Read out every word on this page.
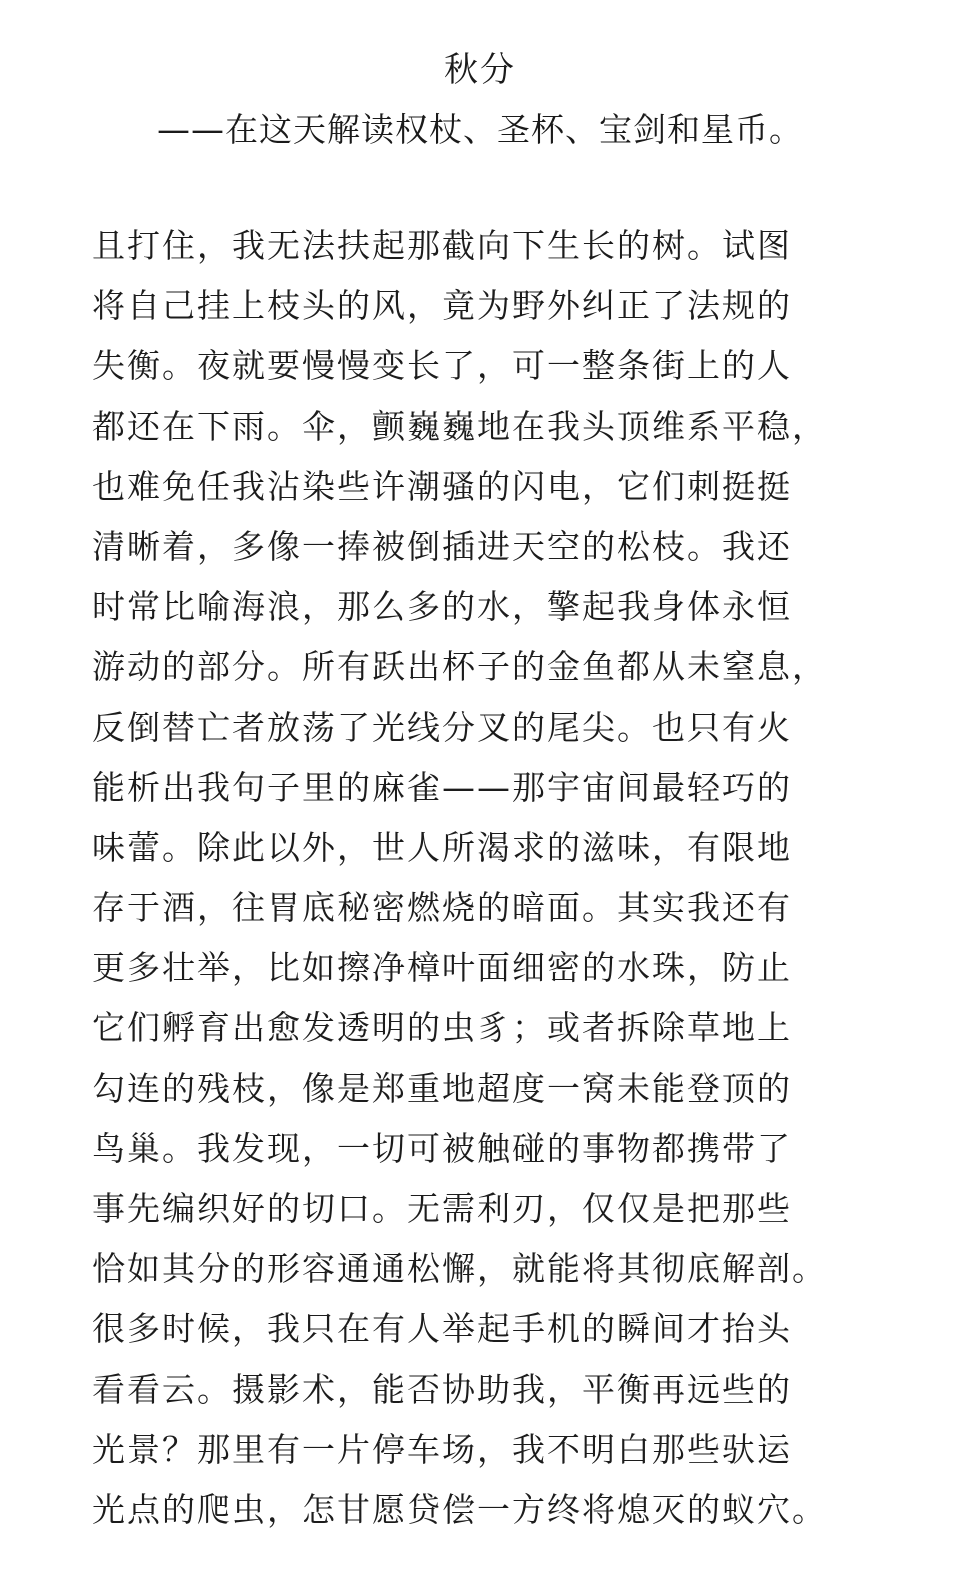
秋分
——在这天解读权杖、圣杯、宝剑和星币。
且打住，我无法扶起那截向下生长的树。试图
将自己挂上枝头的风，竟为野外纠正了法规的
失衡。夜就要慢慢变长了，可一整条街上的人
都还在下雨。伞，颤巍巍地在我头顶维系平稳，
也难免任我沾染些许潮骚的闪电，它们刺挺挺
清晰着，多像一捧被倒插进天空的松枝。我还
时常比喻海浪，那么多的水，擎起我身体永恒
游动的部分。所有跃出杯子的金鱼都从未窒息，
反倒替亡者放荡了光线分叉的尾尖。也只有火
能析出我句子里的麻雀——那宇宙间最轻巧的
味蕾。除此以外，世人所渴求的滋味，有限地
存于酒，往胃底秘密燃烧的暗面。其实我还有
更多壮举，比如擦净樟叶面细密的水珠，防止
它们孵育出愈发透明的虫豸；或者拆除草地上
勾连的残枝，像是郑重地超度一窝未能登顶的
鸟巢。我发现，一切可被触碰的事物都携带了
事先编织好的切口。无需利刃，仅仅是把那些
恰如其分的形容通通松懈，就能将其彻底解剖。
很多时候，我只在有人举起手机的瞬间才抬头
看看云。摄影术，能否协助我，平衡再远些的
光景？那里有一片停车场，我不明白那些驮运
光点的爬虫，怎甘愿贷偿一方终将熄灭的蚁穴。
